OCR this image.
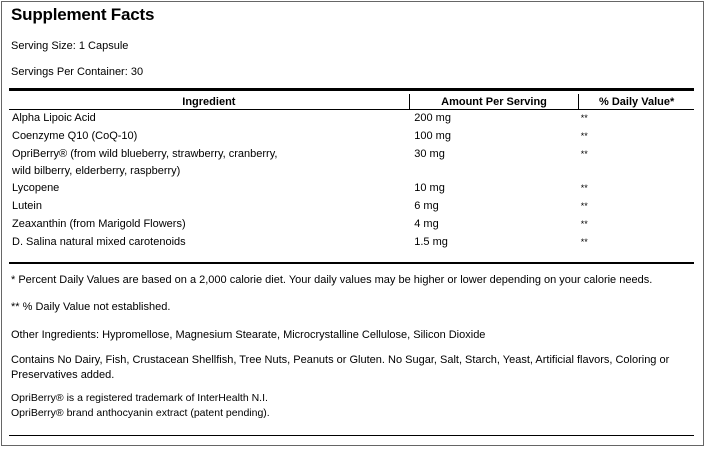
Supplement Facts
Serving Size: 1 Capsule
Servings Per Container: 30
Ingredient	Amount Per Serving	% Daily Value*
Alpha Lipoic Acid	200 mg	**
Coenzyme Q10 (CoQ-10)	100 mg	**

OpriBerry® (from wild blueberry, strawberry, cranberry,
wild bilberry, elderberry, raspberry)	30 mg	**
Lycopene	10 mg	**
Lutein	6 mg	**
Zeaxanthin (from Marigold Flowers)	4 mg	**
D. Salina natural mixed carotenoids	1.5 mg	**
* Percent Daily Values are based on a 2,000 calorie diet. Your daily values may be higher or lower depending on your calorie needs.
** % Daily Value not established.
Other Ingredients: Hypromellose, Magnesium Stearate, Microcrystalline Cellulose, Silicon Dioxide
Contains No Dairy, Fish, Crustacean Shellfish, Tree Nuts, Peanuts or Gluten. No Sugar, Salt, Starch, Yeast, Artificial flavors, Coloring or
Preservatives added.
OpriBerry® is a registered trademark of InterHealth N.I.
OpriBerry® brand anthocyanin extract (patent pending).
